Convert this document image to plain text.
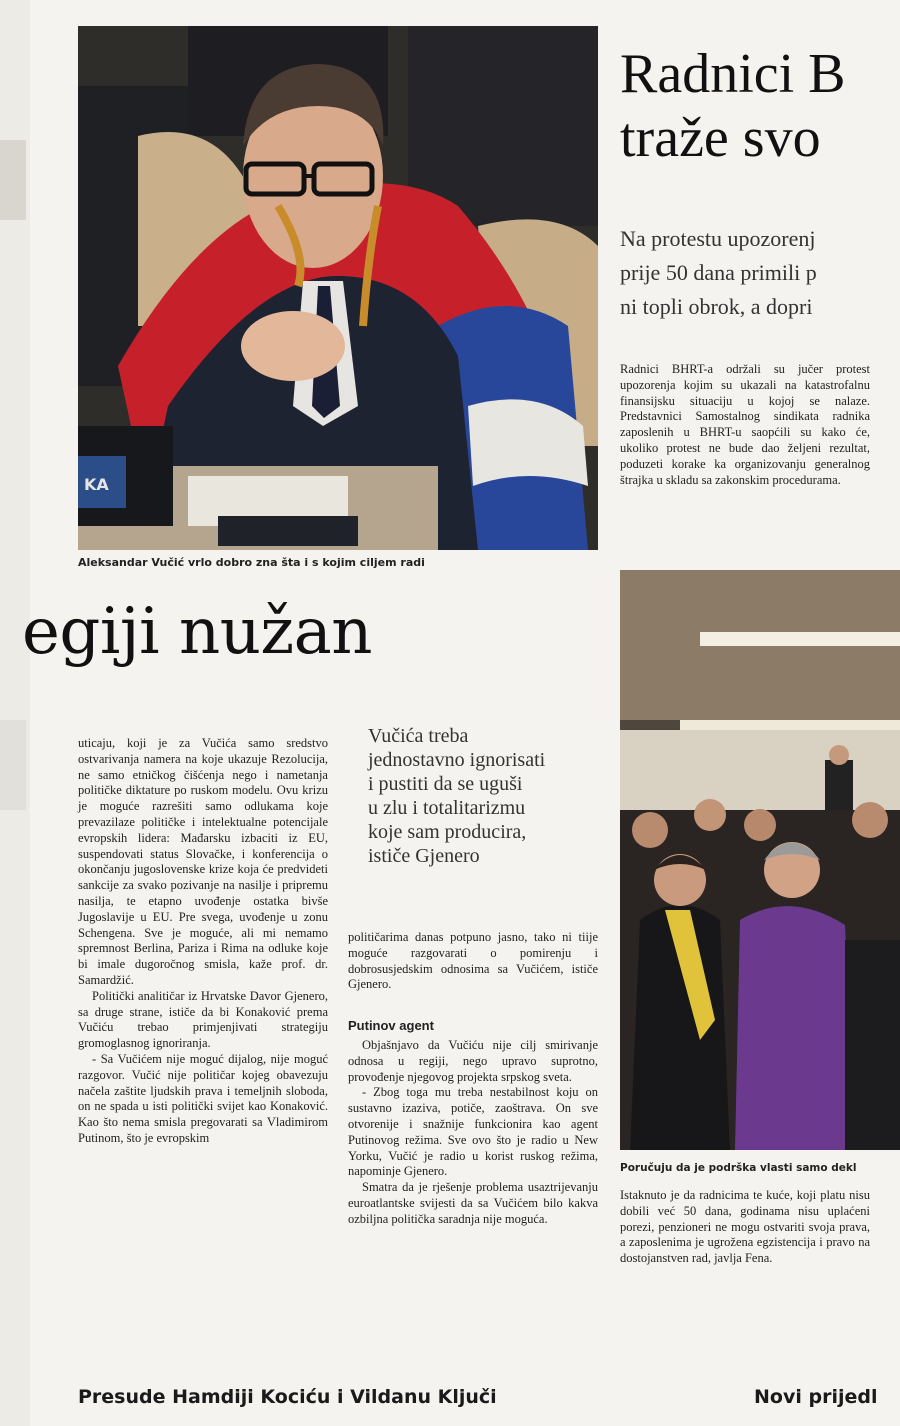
KA
Aleksandar Vučić vrlo dobro zna šta i s kojim ciljem radi
egiji nužan

uticaju, koji je za Vučića samo sredstvo ostvarivanja namera na koje ukazuje Rezolucija, ne samo etničkog čišćenja nego i nametanja političke diktature po ruskom modelu. Ovu krizu je moguće razrešiti samo odlukama koje prevazilaze političke i intelektualne potencijale evropskih lidera: Mađarsku izbaciti iz EU, suspendovati status Slovačke, i konferencija o okončanju jugoslovenske krize koja će predvideti sankcije za svako pozivanje na nasilje i pripremu nasilja, te etapno uvođenje ostatka bivše Jugoslavije u EU. Pre svega, uvođenje u zonu Schengena. Sve je moguće, ali mi nemamo spremnost Berlina, Pariza i Rima na odluke koje bi imale dugoročnog smisla, kaže prof. dr. Samardžić.

Politički analitičar iz Hrvatske Davor Gjenero, sa druge strane, ističe da bi Konaković prema Vučiću trebao primjenjivati strategiju gromoglasnog ignoriranja.

- Sa Vučićem nije moguć dijalog, nije moguć razgovor. Vučić nije političar kojeg obavezuju načela zaštite ljudskih prava i temeljnih sloboda, on ne spada u isti politički svijet kao Konaković. Kao što nema smisla pregovarati sa Vladimirom Putinom, što je evropskim

Vučića treba
jednostavno ignorisati
i pustiti da se uguši
u zlu i totalitarizmu
koje sam producira,
ističe Gjenero
političarima danas potpuno jasno, tako ni tiije moguće razgovarati o pomirenju i dobrosusjedskim odnosima sa Vučićem, ističe Gjenero.
Putinov agent

Objašnjavo da Vučiću nije cilj smirivanje odnosa u regiji, nego upravo suprotno, provođenje njegovog projekta srpskog sveta.

- Zbog toga mu treba nestabilnost koju on sustavno izaziva, potiče, zaoštrava. On sve otvorenije i snažnije funkcionira kao agent Putinovog režima. Sve ovo što je radio u New Yorku, Vučić je radio u korist ruskog režima, napominje Gjenero.

Smatra da je rješenje problema usaztrijevanju euroatlantske svijesti da sa Vučićem bilo kakva ozbiljna politička saradnja nije moguća.

Radnici B
traže svo
Na protestu upozorenj
prije 50 dana primili p
ni topli obrok, a dopri
Radnici BHRT-a održali su jučer protest upozorenja kojim su ukazali na katastrofalnu finansijsku situaciju u kojoj se nalaze. Predstavnici Samostalnog sindikata radnika zaposlenih u BHRT-u saopćili su kako će, ukoliko protest ne bude dao željeni rezultat, poduzeti korake ka organizovanju generalnog štrajka u skladu sa zakonskim procedurama.
Poručuju da je podrška vlasti samo dekl
Istaknuto je da radnicima te kuće, koji platu nisu dobili već 50 dana, godinama nisu uplaćeni porezi, penzioneri ne mogu ostvariti svoja prava, a zaposlenima je ugrožena egzistencija i pravo na dostojanstven rad, javlja Fena.
Presude Hamdiji Kociću i Vildanu Ključi	Novi prijedl
